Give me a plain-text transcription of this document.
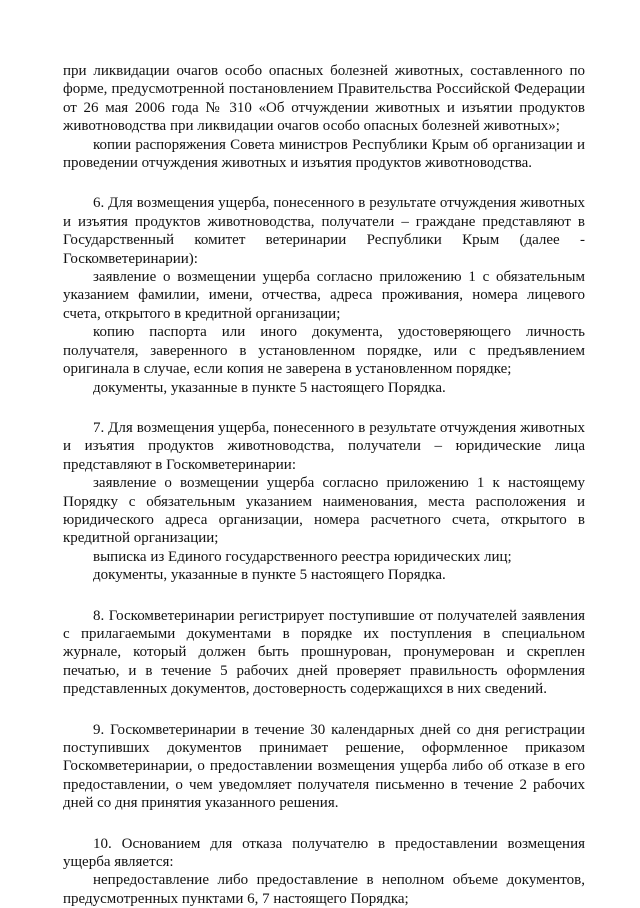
при ликвидации очагов особо опасных болезней животных, составленного по форме, предусмотренной постановлением Правительства Российской Федерации от 26 мая 2006 года № 310 «Об отчуждении животных и изъятии продуктов животноводства при ликвидации очагов особо опасных болезней животных»;

копии распоряжения Совета министров Республики Крым об организации и проведении отчуждения животных и изъятия продуктов животноводства.

6. Для возмещения ущерба, понесенного в результате отчуждения животных и изъятия продуктов животноводства, получатели – граждане представляют в Государственный комитет ветеринарии Республики Крым (далее - Госкомветеринарии):

заявление о возмещении ущерба согласно приложению 1 с обязательным указанием фамилии, имени, отчества, адреса проживания, номера лицевого счета, открытого в кредитной организации;

копию паспорта или иного документа, удостоверяющего личность получателя, заверенного в установленном порядке, или с предъявлением оригинала в случае, если копия не заверена в установленном порядке;

документы, указанные в пункте 5 настоящего Порядка.

7. Для возмещения ущерба, понесенного в результате отчуждения животных и изъятия продуктов животноводства, получатели – юридические лица представляют в Госкомветеринарии:

заявление о возмещении ущерба согласно приложению 1 к настоящему Порядку с обязательным указанием наименования, места расположения и юридического адреса организации, номера расчетного счета, открытого в кредитной организации;

выписка из Единого государственного реестра юридических лиц;

документы, указанные в пункте 5 настоящего Порядка.

8. Госкомветеринарии регистрирует поступившие от получателей заявления с прилагаемыми документами в порядке их поступления в специальном журнале, который должен быть прошнурован, пронумерован и скреплен печатью, и в течение 5 рабочих дней проверяет правильность оформления представленных документов, достоверность содержащихся в них сведений.

9. Госкомветеринарии в течение 30 календарных дней со дня регистрации поступивших документов принимает решение, оформленное приказом Госкомветеринарии, о предоставлении возмещения ущерба либо об отказе в его предоставлении, о чем уведомляет получателя письменно в течение 2 рабочих дней со дня принятия указанного решения.

10. Основанием для отказа получателю в предоставлении возмещения ущерба является:

непредоставление либо предоставление в неполном объеме документов, предусмотренных пунктами 6, 7 настоящего Порядка;
